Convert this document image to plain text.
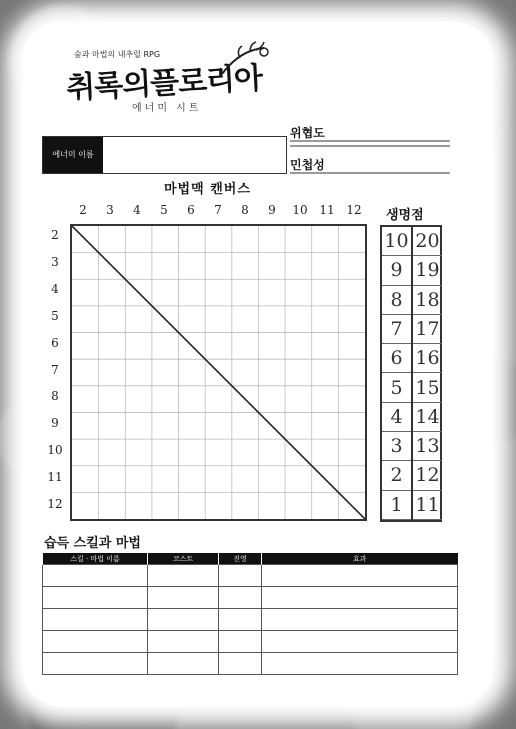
숲과 마법의 내추럴 RPG
취록의플로리아
에너미 시트
에너미 이름
위협도
민첩성
마법맥 캔버스
2	3	4	5	6	7	8	9	10 11 12
2
3
4
5
6
7
8
9
10
11
12
생명점
10 20
9 19
8 18
7 17
6 16
5 15
4 14
3 13
2 12
1 11
습득 스킬과 마법
스킬 · 마법 이름	코스트	진영	효과
